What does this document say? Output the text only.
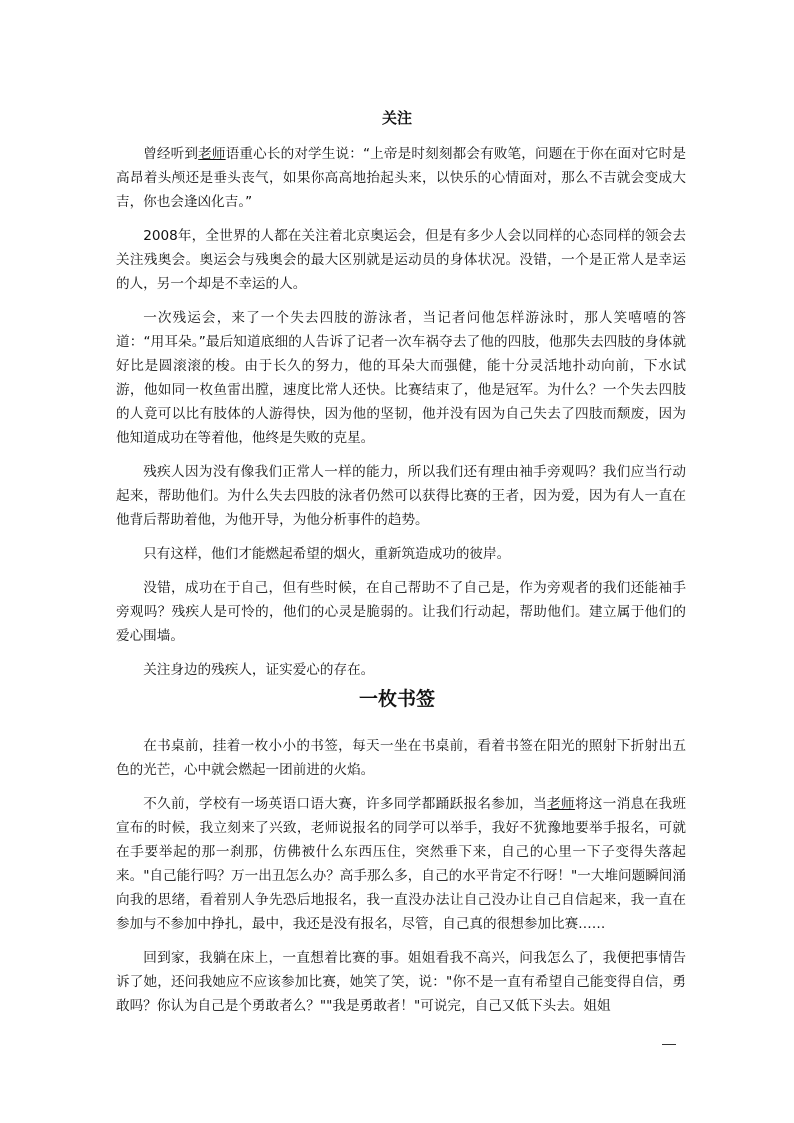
关注

曾经听到老师语重心长的对学生说：“上帝是时刻刻都会有败笔，问题在于你在面对它时是高昂着头颅还是垂头丧气，如果你高高地抬起头来，以快乐的心情面对，那么不吉就会变成大吉，你也会逢凶化吉。”

2008年，全世界的人都在关注着北京奥运会，但是有多少人会以同样的心态同样的领会去关注残奥会。奥运会与残奥会的最大区别就是运动员的身体状况。没错，一个是正常人是幸运的人，另一个却是不幸运的人。

一次残运会，来了一个失去四肢的游泳者，当记者问他怎样游泳时，那人笑嘻嘻的答道：“用耳朵。”最后知道底细的人告诉了记者一次车祸夺去了他的四肢，他那失去四肢的身体就好比是圆滚滚的梭。由于长久的努力，他的耳朵大而强健，能十分灵活地扑动向前，下水试游，他如同一枚鱼雷出膛，速度比常人还快。比赛结束了，他是冠军。为什么？一个失去四肢的人竟可以比有肢体的人游得快，因为他的坚韧，他并没有因为自己失去了四肢而颓废，因为他知道成功在等着他，他终是失败的克星。

残疾人因为没有像我们正常人一样的能力，所以我们还有理由袖手旁观吗？我们应当行动起来，帮助他们。为什么失去四肢的泳者仍然可以获得比赛的王者，因为爱，因为有人一直在他背后帮助着他，为他开导，为他分析事件的趋势。

只有这样，他们才能燃起希望的烟火，重新筑造成功的彼岸。

没错，成功在于自己，但有些时候，在自己帮助不了自己是，作为旁观者的我们还能袖手旁观吗？残疾人是可怜的，他们的心灵是脆弱的。让我们行动起，帮助他们。建立属于他们的爱心围墙。

关注身边的残疾人，证实爱心的存在。

一枚书签

在书桌前，挂着一枚小小的书签，每天一坐在书桌前，看着书签在阳光的照射下折射出五色的光芒，心中就会燃起一团前进的火焰。

不久前，学校有一场英语口语大赛，许多同学都踊跃报名参加，当老师将这一消息在我班宣布的时候，我立刻来了兴致，老师说报名的同学可以举手，我好不犹豫地要举手报名，可就在手要举起的那一刹那，仿佛被什么东西压住，突然垂下来，自己的心里一下子变得失落起来。"自己能行吗？万一出丑怎么办？高手那么多，自己的水平肯定不行呀！"一大堆问题瞬间涌向我的思绪，看着别人争先恐后地报名，我一直没办法让自己没办让自己自信起来，我一直在参加与不参加中挣扎，最中，我还是没有报名，尽管，自己真的很想参加比赛……

回到家，我躺在床上，一直想着比赛的事。姐姐看我不高兴，问我怎么了，我便把事情告诉了她，还问我她应不应该参加比赛，她笑了笑，说："你不是一直有希望自己能变得自信，勇敢吗？你认为自己是个勇敢者么？""我是勇敢者！"可说完，自己又低下头去。姐姐
